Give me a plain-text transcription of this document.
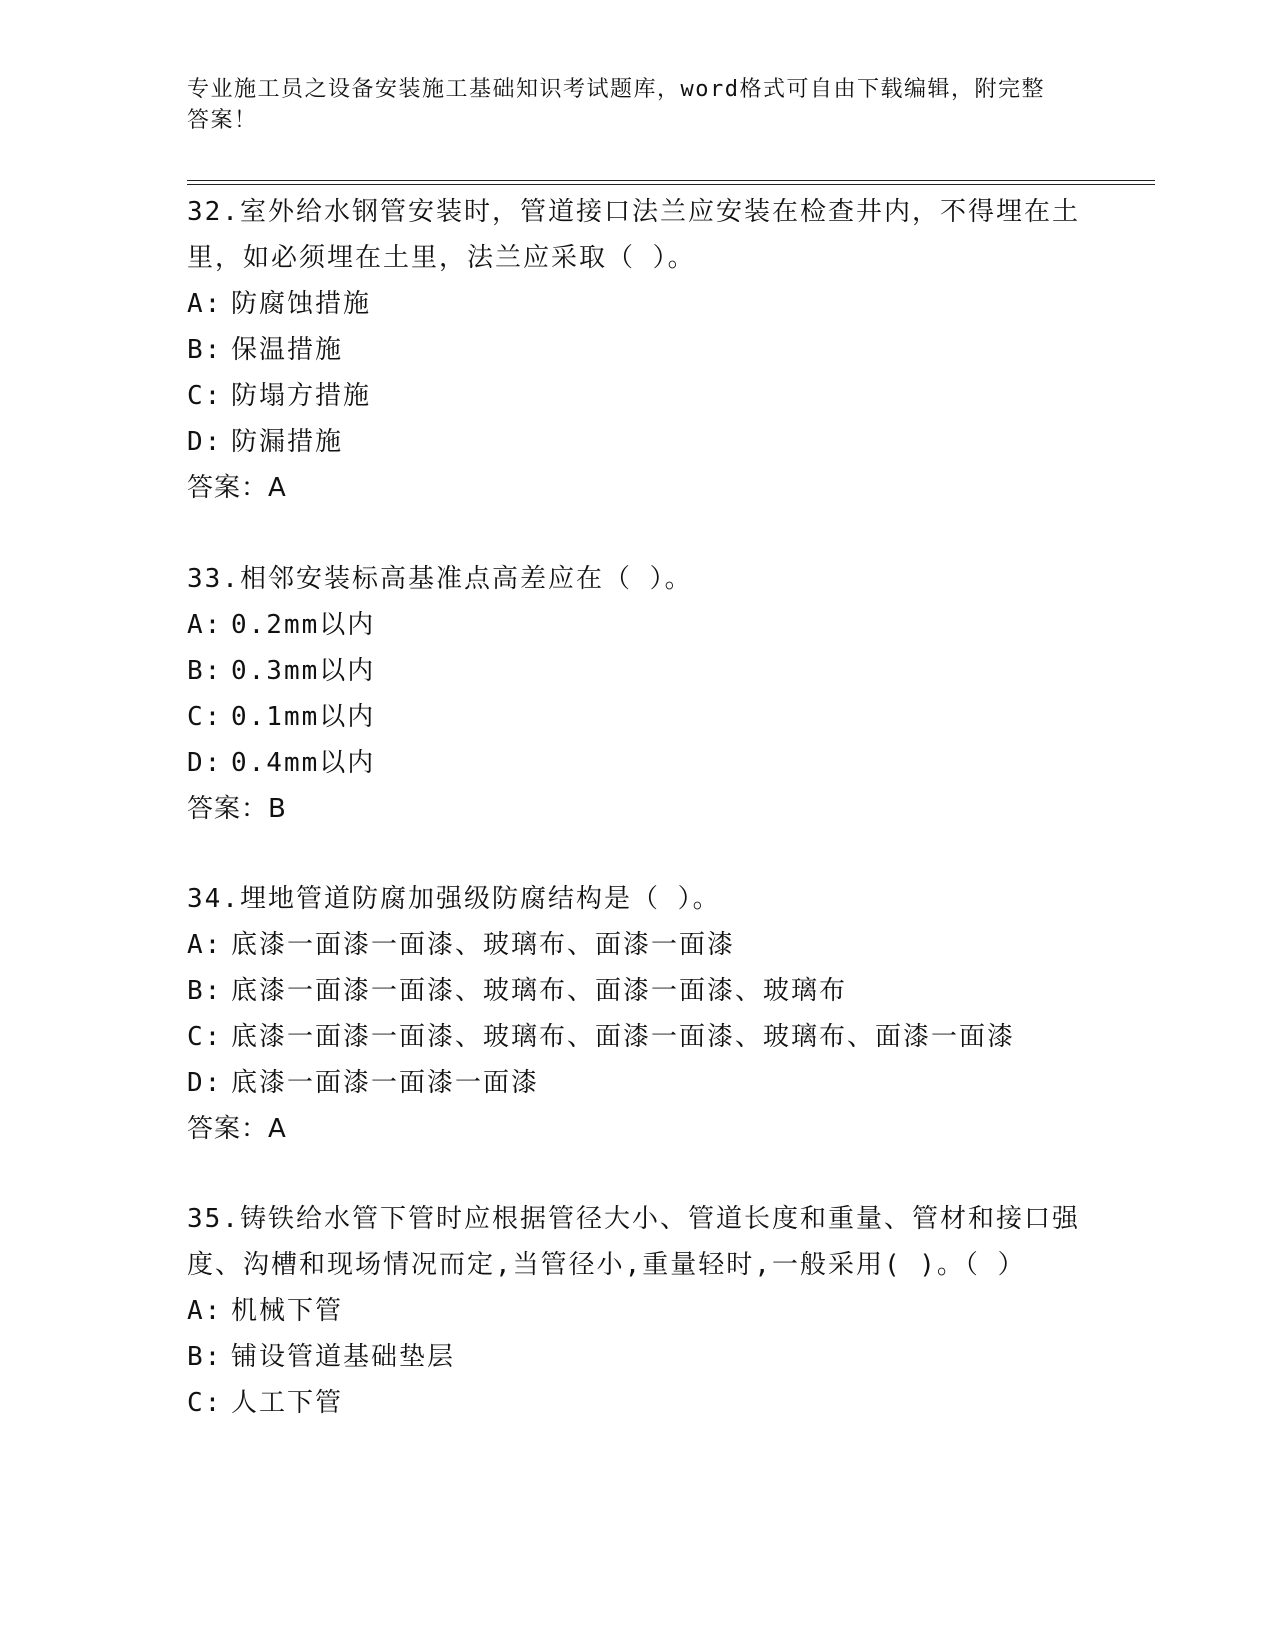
专业施工员之设备安装施工基础知识考试题库，word格式可自由下载编辑，附完整答案！

32.室外给水钢管安装时，管道接口法兰应安装在检查井内，不得埋在土里，如必须埋在土里，法兰应采取（ ）。

A: 防腐蚀措施
B: 保温措施
C: 防塌方措施
D: 防漏措施
答案：A

33.相邻安装标高基准点高差应在（ ）。

A: 0.2mm以内
B: 0.3mm以内
C: 0.1mm以内
D: 0.4mm以内
答案：B

34.埋地管道防腐加强级防腐结构是（ ）。

A: 底漆一面漆一面漆、玻璃布、面漆一面漆
B: 底漆一面漆一面漆、玻璃布、面漆一面漆、玻璃布
C: 底漆一面漆一面漆、玻璃布、面漆一面漆、玻璃布、面漆一面漆
D: 底漆一面漆一面漆一面漆
答案：A

35.铸铁给水管下管时应根据管径大小、管道长度和重量、管材和接口强度、沟槽和现场情况而定,当管径小,重量轻时,一般采用( )。（ ）

A: 机械下管
B: 铺设管道基础垫层
C: 人工下管
